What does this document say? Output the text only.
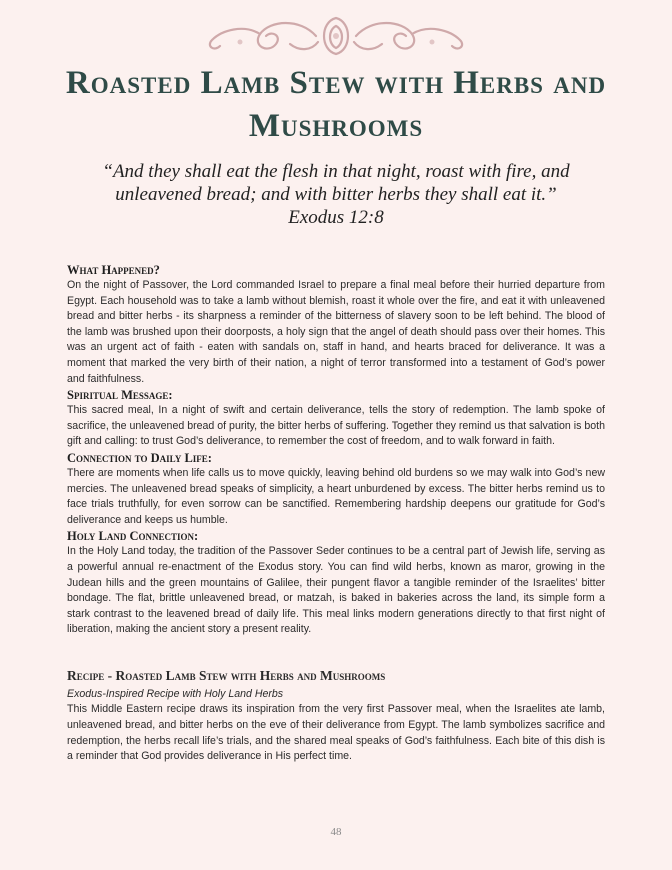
Roasted Lamb Stew with Herbs and Mushrooms

“And they shall eat the flesh in that night, roast with fire, and unleavened bread; and with bitter herbs they shall eat it.”
Exodus 12:8

What Happened?

On the night of Passover, the Lord commanded Israel to prepare a final meal before their hurried departure from Egypt. Each household was to take a lamb without blemish, roast it whole over the fire, and eat it with unleavened bread and bitter herbs - its sharpness a reminder of the bitterness of slavery soon to be left behind. The blood of the lamb was brushed upon their doorposts, a holy sign that the angel of death should pass over their homes. This was an urgent act of faith - eaten with sandals on, staff in hand, and hearts braced for deliverance. It was a moment that marked the very birth of their nation, a night of terror transformed into a testament of God’s power and faithfulness.

Spiritual Message:

This sacred meal, In a night of swift and certain deliverance, tells the story of redemption. The lamb spoke of sacrifice, the unleavened bread of purity, the bitter herbs of suffering. Together they remind us that salvation is both gift and calling: to trust God’s deliverance, to remember the cost of freedom, and to walk forward in faith.

Connection to Daily Life:

There are moments when life calls us to move quickly, leaving behind old burdens so we may walk into God’s new mercies. The unleavened bread speaks of simplicity, a heart unburdened by excess. The bitter herbs remind us to face trials truthfully, for even sorrow can be sanctified. Remembering hardship deepens our gratitude for God’s deliverance and keeps us humble.

Holy Land Connection:

In the Holy Land today, the tradition of the Passover Seder continues to be a central part of Jewish life, serving as a powerful annual re-enactment of the Exodus story. You can find wild herbs, known as maror, growing in the Judean hills and the green mountains of Galilee, their pungent flavor a tangible reminder of the Israelites’ bitter bondage. The flat, brittle unleavened bread, or matzah, is baked in bakeries across the land, its simple form a stark contrast to the leavened bread of daily life. This meal links modern generations directly to that first night of liberation, making the ancient story a present reality.

Recipe - Roasted Lamb Stew with Herbs and Mushrooms

Exodus-Inspired Recipe with Holy Land Herbs

This Middle Eastern recipe draws its inspiration from the very first Passover meal, when the Israelites ate lamb, unleavened bread, and bitter herbs on the eve of their deliverance from Egypt. The lamb symbolizes sacrifice and redemption, the herbs recall life’s trials, and the shared meal speaks of God’s faithfulness. Each bite of this dish is a reminder that God provides deliverance in His perfect time.

48
